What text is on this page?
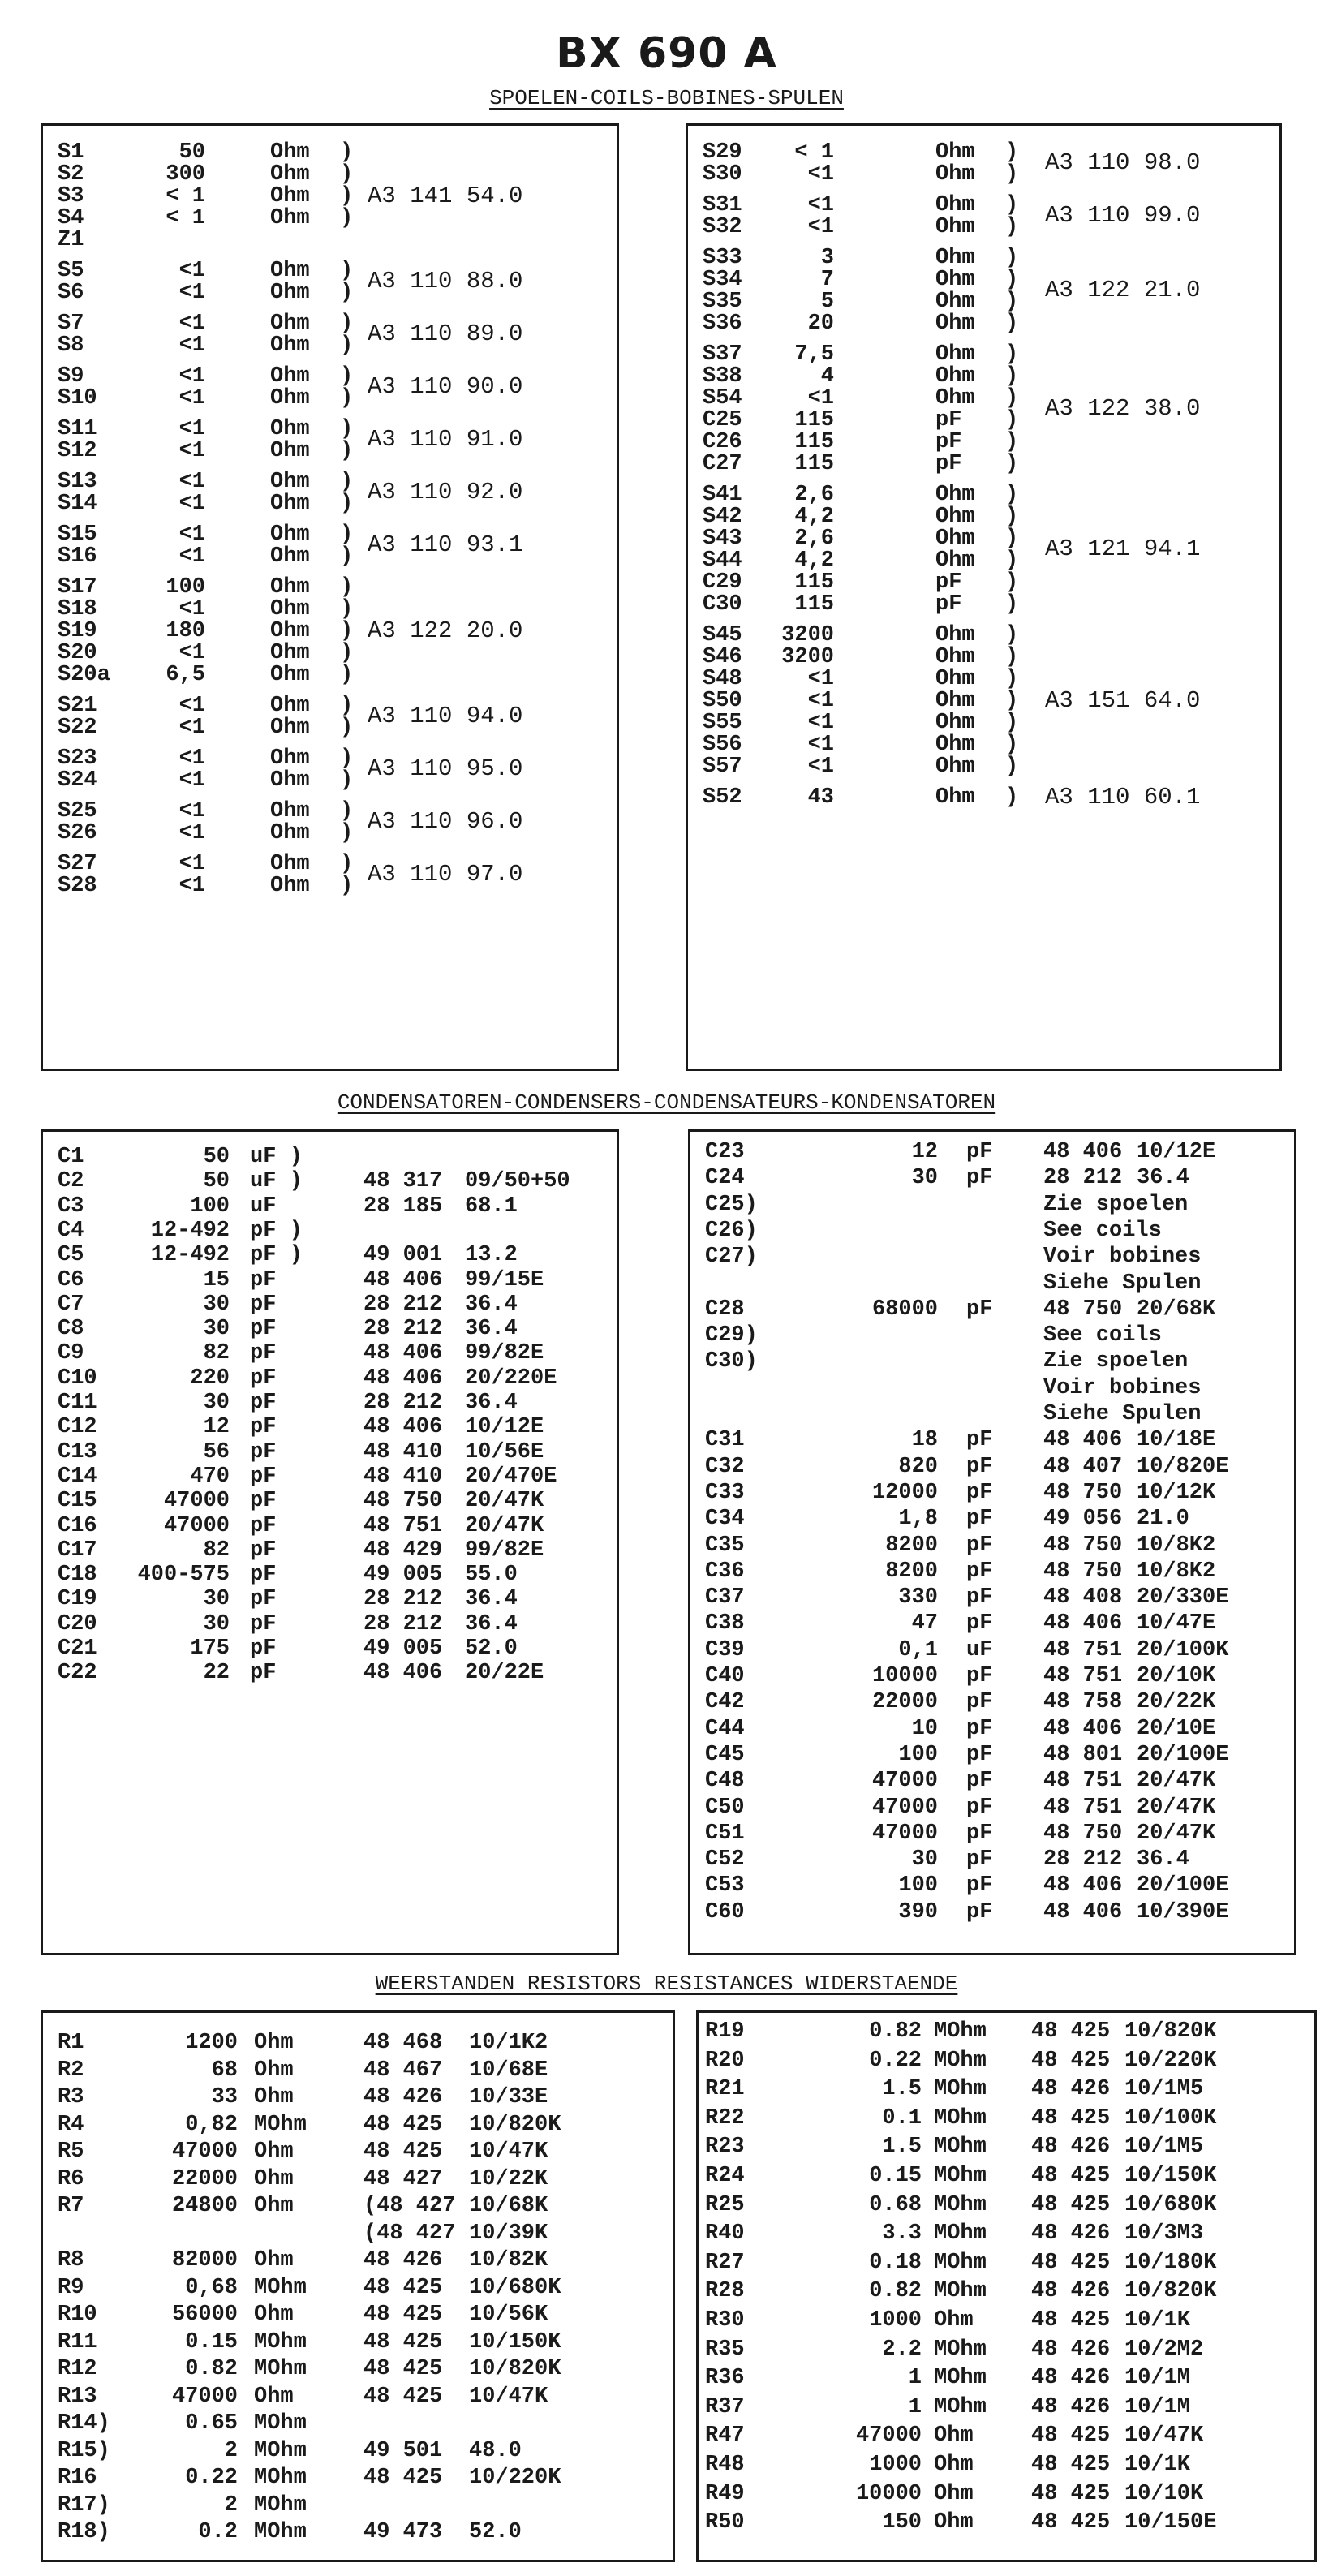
BX 690 A
SPOELEN-COILS-BOBINES-SPULEN
S1	50	Ohm )
S2	300	Ohm )
S3	< 1	Ohm )
S4	< 1	Ohm )
Z1
A3 141 54.0
S5	<1	Ohm )
S6	<1	Ohm ) A3 110 88.0
S7	<1	Ohm )
S8	<1	Ohm ) A3 110 89.0
S9	<1	Ohm )
S10	<1	Ohm ) A3 110 90.0
S11	<1	Ohm )
S12	<1	Ohm ) A3 110 91.0
S13	<1	Ohm )
S14	<1	Ohm ) A3 110 92.0
S15	<1	Ohm )
S16	<1	Ohm ) A3 110 93.1
S17	100	Ohm )
S18	<1	Ohm )
S19	180	Ohm )
S20	<1	Ohm )
S20a	6,5	Ohm )
A3 122 20.0
S21	<1	Ohm )
S22	<1	Ohm ) A3 110 94.0
S23	<1	Ohm )
S24	<1	Ohm ) A3 110 95.0
S25	<1	Ohm )
S26	<1	Ohm ) A3 110 96.0
S27	<1	Ohm )
S28	<1	Ohm ) A3 110 97.0
S29	< 1	Ohm )
S30	<1	Ohm ) A3 110 98.0
S31	<1	Ohm )
S32	<1	Ohm ) A3 110 99.0
S33	3	Ohm )
S34	7	Ohm )
S35	5	Ohm )
S36	20	Ohm )
A3 122 21.0
S37	7,5	Ohm )
S38	4	Ohm )
S54	<1	Ohm )
C25	115	pF )
C26	115	pF )
C27	115	pF )
A3 122 38.0
S41	2,6	Ohm )
S42	4,2	Ohm )
S43	2,6	Ohm )
S44	4,2	Ohm )
C29	115	pF )
C30	115	pF )
A3 121 94.1
S45	3200	Ohm )
S46	3200	Ohm )
S48	<1	Ohm )
S50	<1	Ohm )
S55	<1	Ohm )
S56	<1	Ohm )
S57	<1	Ohm )
A3 151 64.0
S52	43	Ohm ) A3 110 60.1
CONDENSATOREN-CONDENSERS-CONDENSATEURS-KONDENSATOREN
C1	50 uF )
C2	50 uF )	48 317 09/50+50
C3	100 uF	28 185 68.1
C4	12-492 pF )
C5	12-492 pF )	49 001 13.2
C6	15 pF	48 406 99/15E
C7	30 pF	28 212 36.4
C8	30 pF	28 212 36.4
C9	82 pF	48 406 99/82E
C10	220 pF	48 406 20/220E
C11	30 pF	28 212 36.4
C12	12 pF	48 406 10/12E
C13	56 pF	48 410 10/56E
C14	470 pF	48 410 20/470E
C15	47000 pF	48 750 20/47K
C16	47000 pF	48 751 20/47K
C17	82 pF	48 429 99/82E
C18	400-575 pF	49 005 55.0
C19	30 pF	28 212 36.4
C20	30 pF	28 212 36.4
C21	175 pF	49 005 52.0
C22	22 pF	48 406 20/22E
C23	12 pF 48 406 10/12E
C24	30 pF 28 212 36.4
C25)	Zie spoelen
C26)	See coils
C27)	Voir bobines
Siehe Spulen
C28	68000 pF 48 750 20/68K
C29)	See coils
C30)	Zie spoelen
Voir bobines
Siehe Spulen
C31	18 pF 48 406 10/18E
C32	820 pF 48 407 10/820E
C33	12000 pF 48 750 10/12K
C34	1,8 pF 49 056 21.0
C35	8200 pF 48 750 10/8K2
C36	8200 pF 48 750 10/8K2
C37	330 pF 48 408 20/330E
C38	47 pF 48 406 10/47E
C39	0,1 uF 48 751 20/100K
C40	10000 pF 48 751 20/10K
C42	22000 pF 48 758 20/22K
C44	10 pF 48 406 20/10E
C45	100 pF 48 801 20/100E
C48	47000 pF 48 751 20/47K
C50	47000 pF 48 751 20/47K
C51	47000 pF 48 750 20/47K
C52	30 pF 28 212 36.4
C53	100 pF 48 406 20/100E
C60	390 pF 48 406 10/390E
WEERSTANDEN RESISTORS RESISTANCES WIDERSTAENDE
R1	1200 Ohm	48 468 10/1K2
R2	68 Ohm	48 467 10/68E
R3	33 Ohm	48 426 10/33E
R4	0,82 MOhm	48 425 10/820K
R5	47000 Ohm	48 425 10/47K
R6	22000 Ohm	48 427 10/22K
R7	24800 Ohm	(48 427 10/68K
(48 427 10/39K
R8	82000 Ohm	48 426 10/82K
R9	0,68 MOhm	48 425 10/680K
R10	56000 Ohm	48 425 10/56K
R11	0.15 MOhm	48 425 10/150K
R12	0.82 MOhm	48 425 10/820K
R13	47000 Ohm	48 425 10/47K
R14)	0.65 MOhm
R15)	2 MOhm	49 501 48.0
R16	0.22 MOhm	48 425 10/220K
R17)	2 MOhm
R18)	0.2 MOhm	49 473 52.0
R19	0.82 MOhm 48 425 10/820K
R20	0.22 MOhm 48 425 10/220K
R21	1.5 MOhm 48 426 10/1M5
R22	0.1 MOhm 48 425 10/100K
R23	1.5 MOhm 48 426 10/1M5
R24	0.15 MOhm 48 425 10/150K
R25	0.68 MOhm 48 425 10/680K
R40	3.3 MOhm 48 426 10/3M3
R27	0.18 MOhm 48 425 10/180K
R28	0.82 MOhm 48 426 10/820K
R30	1000 Ohm	48 425 10/1K
R35	2.2 MOhm 48 426 10/2M2
R36	1 MOhm 48 426 10/1M
R37	1 MOhm 48 426 10/1M
R47	47000 Ohm	48 425 10/47K
R48	1000 Ohm	48 425 10/1K
R49	10000 Ohm	48 425 10/10K
R50	150 Ohm	48 425 10/150E
